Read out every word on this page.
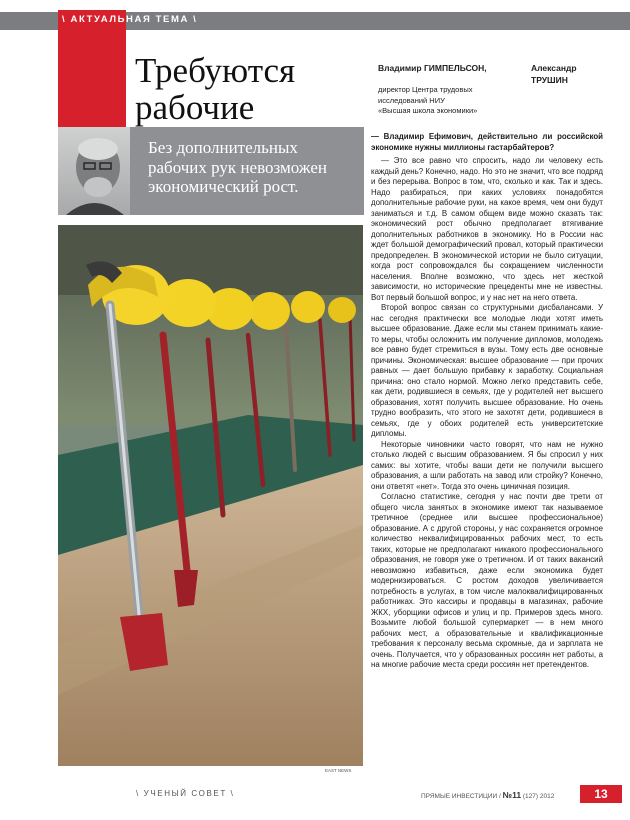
\ АКТУАЛЬНАЯ ТЕМА \
Требуются
рабочие
Владимир ГИМПЕЛЬСОН,

директор Центра трудовых
исследований НИУ
«Высшая школа экономики»
Александр
ТРУШИН
Без дополнительных рабочих рук невозможен экономический рост.
EAST NEWS

— Владимир Ефимович, действительно ли российской экономике нужны миллионы гастарбайтеров?

— Это все равно что спросить, надо ли человеку есть каждый день? Конечно, надо. Но это не значит, что все подряд и без перерыва. Вопрос в том, что, сколько и как. Так и здесь. Надо разбираться, при каких условиях понадобятся дополнительные рабочие руки, на какое время, чем они будут заниматься и т.д. В самом общем виде можно сказать так: экономический рост обычно предполагает втягивание дополнительных работников в экономику. Но в России нас ждет большой демографический провал, который практически предопределен. В экономической истории не было ситуации, когда рост сопровождался бы сокращением численности населения. Вполне возможно, что здесь нет жесткой зависимости, но исторические прецеденты мне не известны. Вот первый большой вопрос, и у нас нет на него ответа.

Второй вопрос связан со структурными дисбалансами. У нас сегодня практически все молодые люди хотят иметь высшее образование. Даже если мы станем принимать какие-то меры, чтобы осложнить им получение дипломов, молодежь все равно будет стремиться в вузы. Тому есть две основные причины. Экономическая: высшее образование — при прочих равных — дает большую прибавку к заработку. Социальная причина: оно стало нормой. Можно легко представить себе, как дети, родившиеся в семьях, где у родителей нет высшего образования, хотят получить высшее образование. Но очень трудно вообразить, что этого не захотят дети, родившиеся в семьях, где у обоих родителей есть университетские дипломы.

Некоторые чиновники часто говорят, что нам не нужно столько людей с высшим образованием. Я бы спросил у них самих: вы хотите, чтобы ваши дети не получили высшего образования, а шли работать на завод или стройку? Конечно, они ответят «нет». Тогда это очень циничная позиция.

Согласно статистике, сегодня у нас почти две трети от общего числа занятых в экономике имеют так называемое третичное (среднее или высшее профессиональное) образование. А с другой стороны, у нас сохраняется огромное количество неквалифицированных рабочих мест, то есть таких, которые не предполагают никакого профессионального образования, не говоря уже о третичном. И от таких вакансий невозможно избавиться, даже если экономика будет модернизироваться. С ростом доходов увеличивается потребность в услугах, в том числе малоквалифицированных работниках. Это кассиры и продавцы в магазинах, рабочие ЖКХ, уборщики офисов и улиц и пр. Примеров здесь много. Возьмите любой большой супермаркет — в нем много рабочих мест, а образовательные и квалификационные требования к персоналу весьма скромные, да и зарплата не очень. Получается, что у образованных россиян нет работы, а на многие рабочие места среди россиян нет претендентов.

\ УЧЕНЫЙ СОВЕТ \	ПРЯМЫЕ ИНВЕСТИЦИИ / №11 (127) 2012	13
